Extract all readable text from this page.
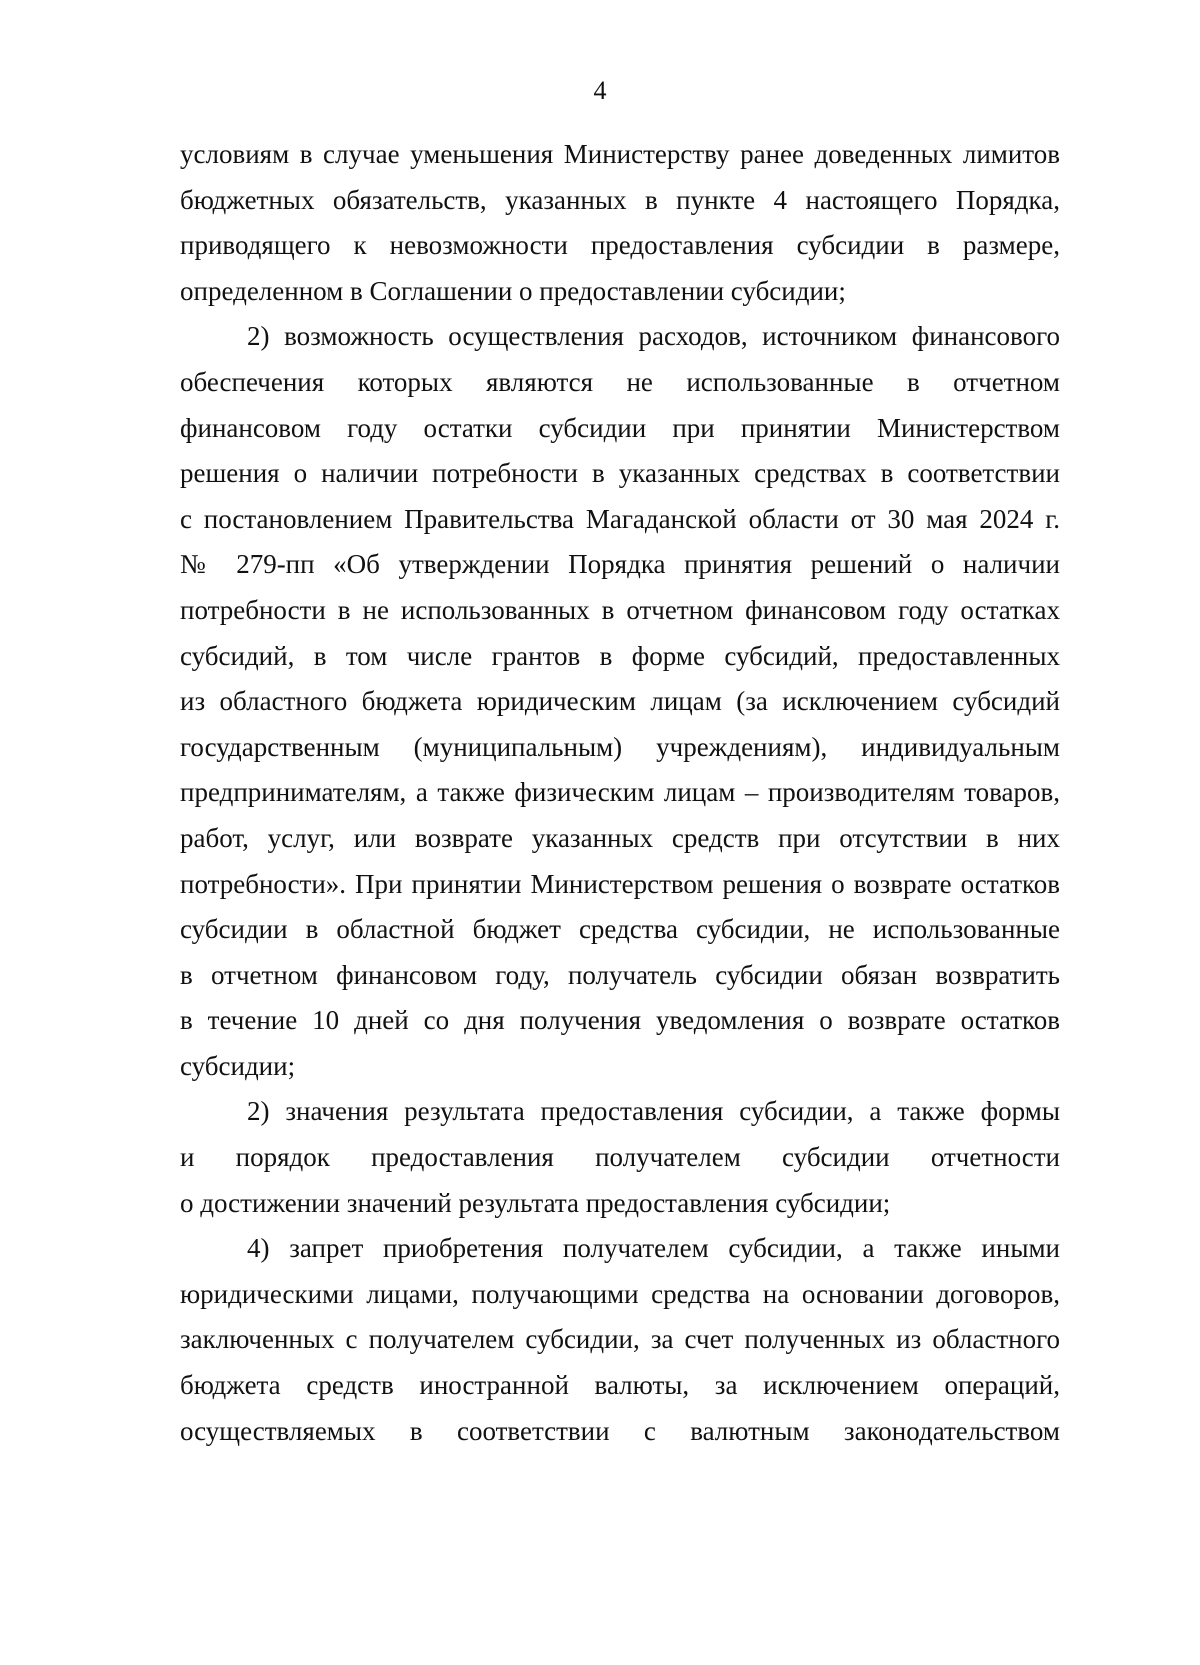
4
условиям в случае уменьшения Министерству ранее доведенных лимитов
бюджетных обязательств, указанных в пункте 4 настоящего Порядка,
приводящего к невозможности предоставления субсидии в размере,
определенном в Соглашении о предоставлении субсидии;
2) возможность осуществления расходов, источником финансового
обеспечения которых являются не использованные в отчетном
финансовом году остатки субсидии при принятии Министерством
решения о наличии потребности в указанных средствах в соответствии
с постановлением Правительства Магаданской области от 30 мая 2024 г.
№ 279-пп «Об утверждении Порядка принятия решений о наличии
потребности в не использованных в отчетном финансовом году остатках
субсидий, в том числе грантов в форме субсидий, предоставленных
из областного бюджета юридическим лицам (за исключением субсидий
государственным (муниципальным) учреждениям), индивидуальным
предпринимателям, а также физическим лицам – производителям товаров,
работ, услуг, или возврате указанных средств при отсутствии в них
потребности». При принятии Министерством решения о возврате остатков
субсидии в областной бюджет средства субсидии, не использованные
в отчетном финансовом году, получатель субсидии обязан возвратить
в течение 10 дней со дня получения уведомления о возврате остатков
субсидии;
2) значения результата предоставления субсидии, а также формы
и порядок предоставления получателем субсидии отчетности
о достижении значений результата предоставления субсидии;
4) запрет приобретения получателем субсидии, а также иными
юридическими лицами, получающими средства на основании договоров,
заключенных с получателем субсидии, за счет полученных из областного
бюджета средств иностранной валюты, за исключением операций,
осуществляемых в соответствии с валютным законодательством
